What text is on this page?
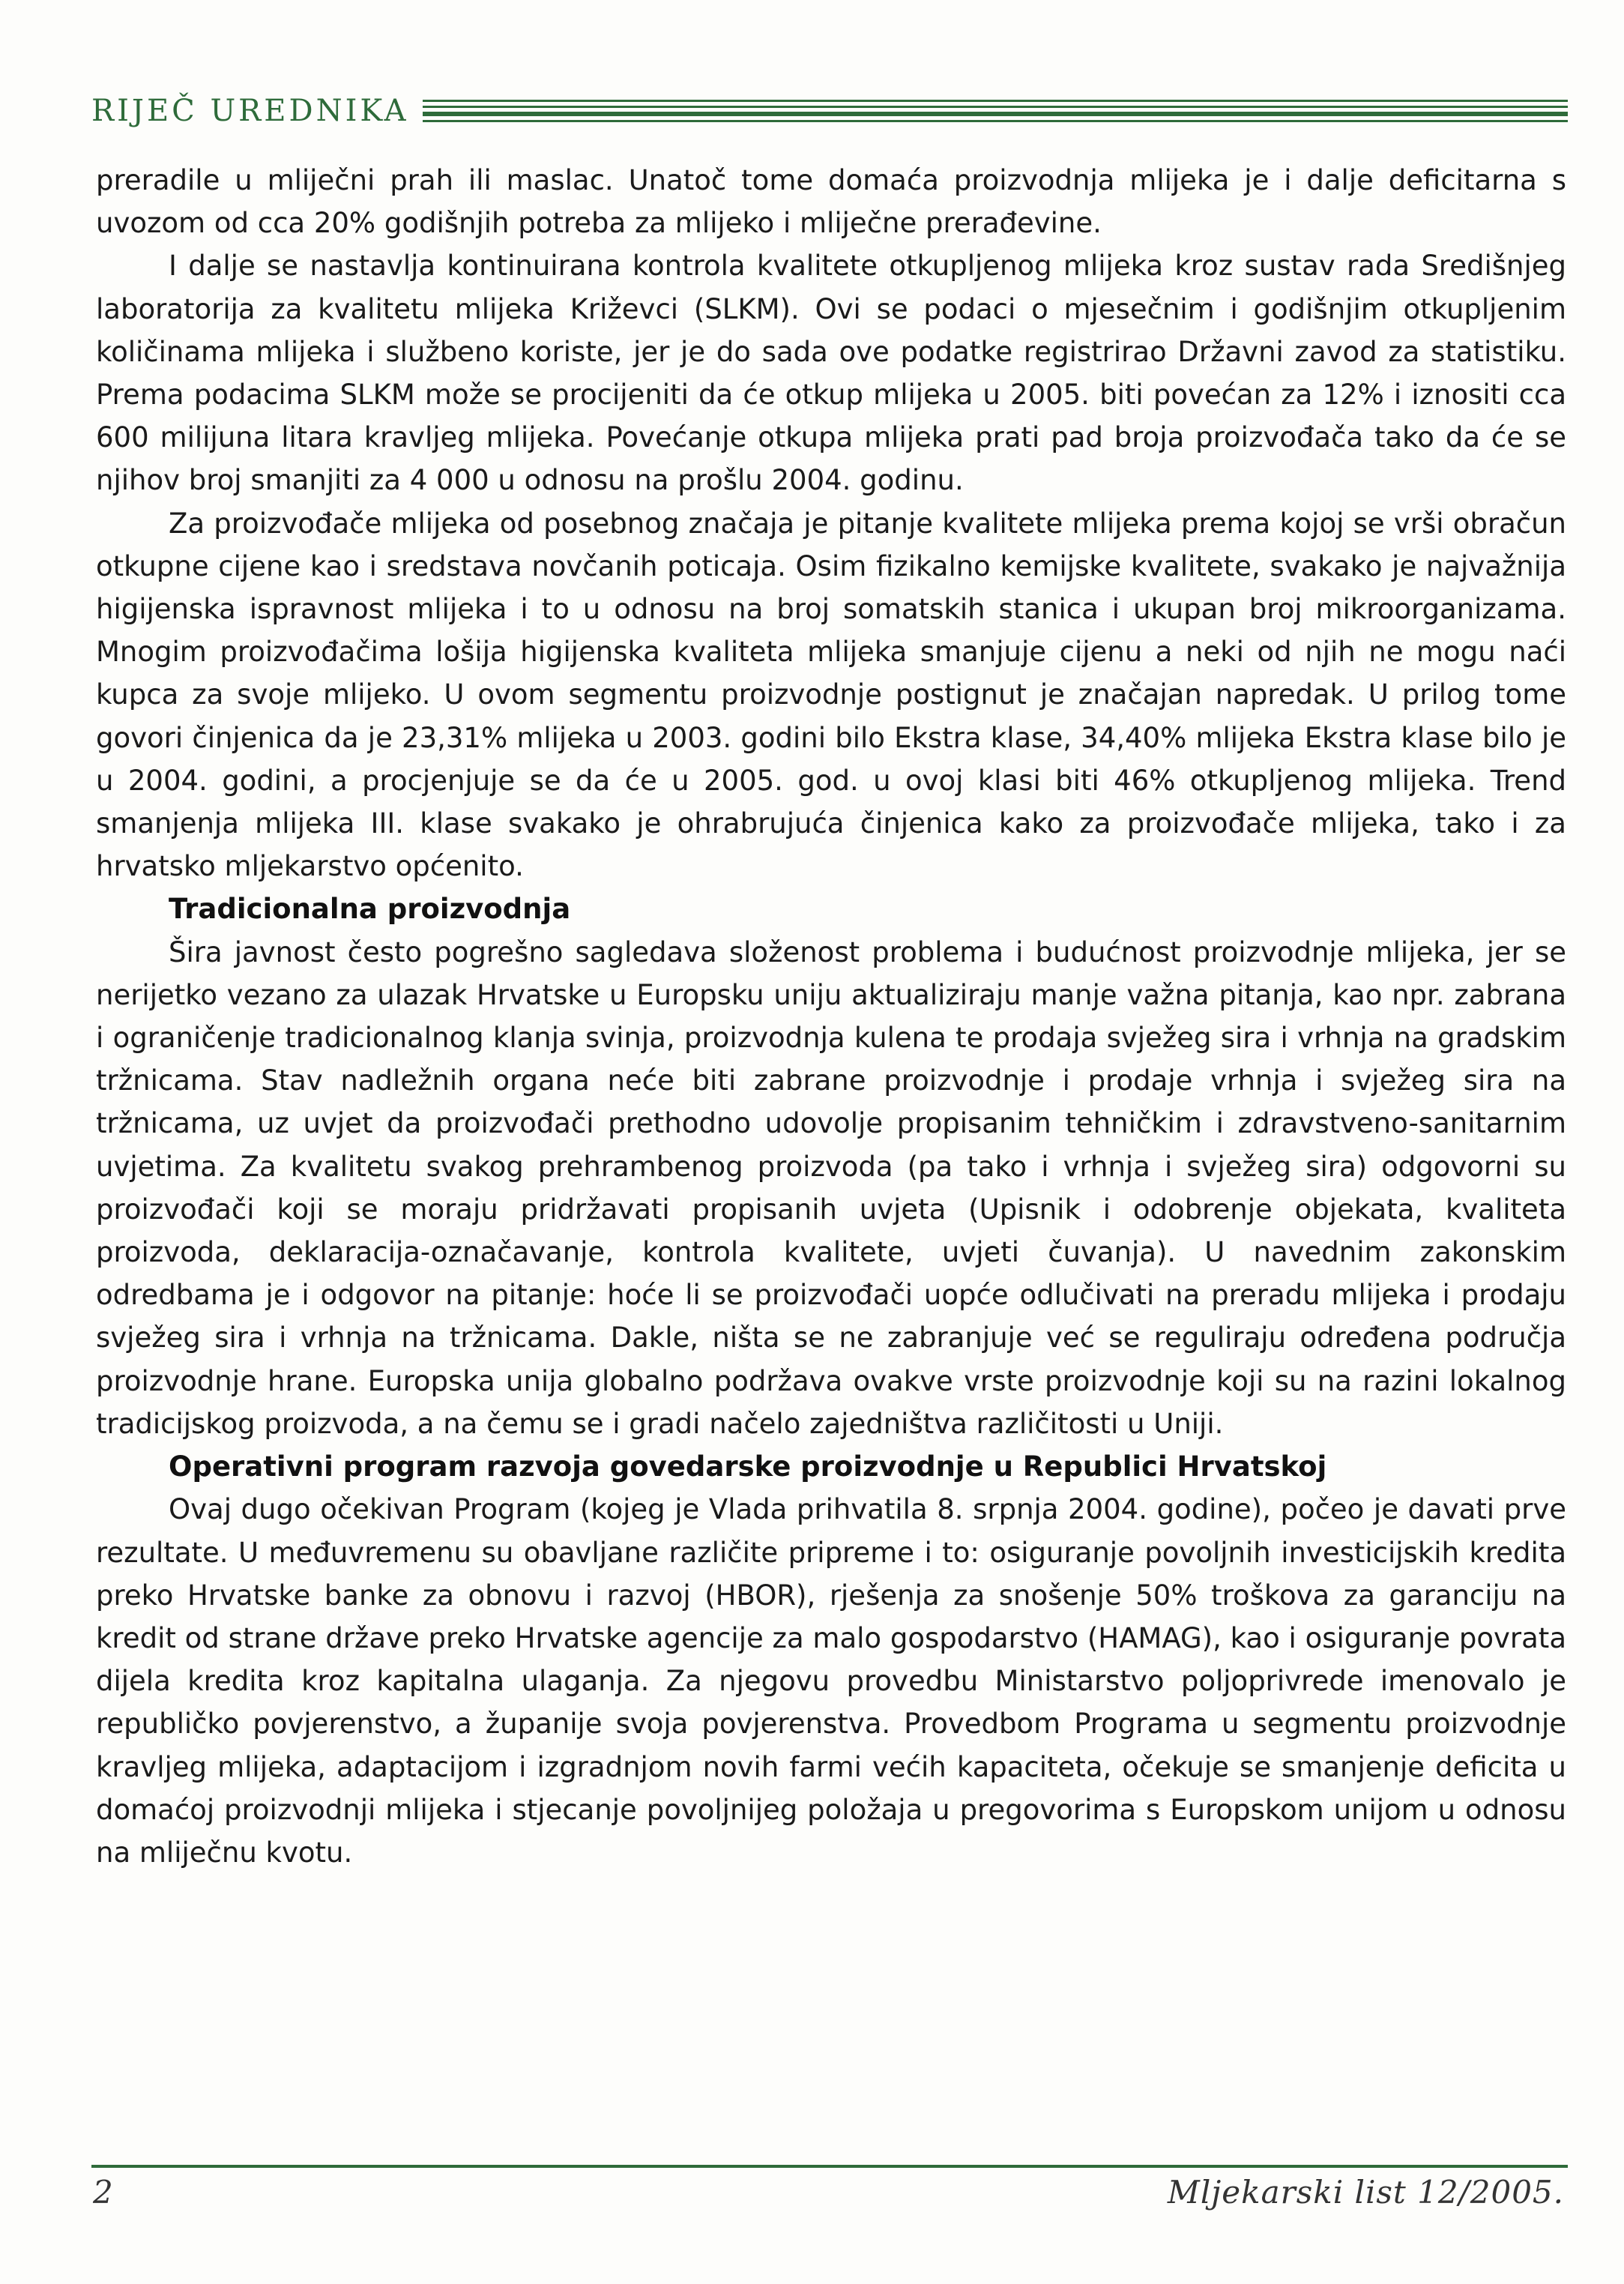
RIJEČ UREDNIKA

preradile u mliječni prah ili maslac. Unatoč tome domaća proizvodnja mlijeka je i dalje deficitarna s uvozom od cca 20% godišnjih potreba za mlijeko i mliječne prerađevine.

I dalje se nastavlja kontinuirana kontrola kvalitete otkupljenog mlijeka kroz sustav rada Središnjeg laboratorija za kvalitetu mlijeka Križevci (SLKM). Ovi se podaci o mjesečnim i godišnjim otkupljenim količinama mlijeka i službeno koriste, jer je do sada ove podatke registrirao Državni zavod za statistiku. Prema podacima SLKM može se procijeniti da će otkup mlijeka u 2005. biti povećan za 12% i iznositi cca 600 milijuna litara kravljeg mlijeka. Povećanje otkupa mlijeka prati pad broja proizvođača tako da će se njihov broj smanjiti za 4 000 u odnosu na prošlu 2004. godinu.

Za proizvođače mlijeka od posebnog značaja je pitanje kvalitete mlijeka prema kojoj se vrši obračun otkupne cijene kao i sredstava novčanih poticaja. Osim fizikalno kemijske kvalitete, svakako je najvažnija higijenska ispravnost mlijeka i to u odnosu na broj somatskih stanica i ukupan broj mikroorganizama. Mnogim proizvođačima lošija higijenska kvaliteta mlijeka smanjuje cijenu a neki od njih ne mogu naći kupca za svoje mlijeko. U ovom segmentu proizvodnje postignut je značajan napredak. U prilog tome govori činjenica da je 23,31% mlijeka u 2003. godini bilo Ekstra klase, 34,40% mlijeka Ekstra klase bilo je u 2004. godini, a procjenjuje se da će u 2005. god. u ovoj klasi biti 46% otkupljenog mlijeka. Trend smanjenja mlijeka III. klase svakako je ohrabrujuća činjenica kako za proizvođače mlijeka, tako i za hrvatsko mljekarstvo općenito.

Tradicionalna proizvodnja

Šira javnost često pogrešno sagledava složenost problema i budućnost proizvodnje mlijeka, jer se nerijetko vezano za ulazak Hrvatske u Europsku uniju aktualiziraju manje važna pitanja, kao npr. zabrana i ograničenje tradicionalnog klanja svinja, proizvodnja kulena te prodaja svježeg sira i vrhnja na gradskim tržnicama. Stav nadležnih organa neće biti zabrane proizvodnje i prodaje vrhnja i svježeg sira na tržnicama, uz uvjet da proizvođači prethodno udovolje propisanim tehničkim i zdravstveno-sanitarnim uvjetima. Za kvalitetu svakog prehrambenog proizvoda (pa tako i vrhnja i svježeg sira) odgovorni su proizvođači koji se moraju pridržavati propisanih uvjeta (Upisnik i odobrenje objekata, kvaliteta proizvoda, deklaracija-označavanje, kontrola kvalitete, uvjeti čuvanja). U navednim zakonskim odredbama je i odgovor na pitanje: hoće li se proizvođači uopće odlučivati na preradu mlijeka i prodaju svježeg sira i vrhnja na tržnicama. Dakle, ništa se ne zabranjuje već se reguliraju određena područja proizvodnje hrane. Europska unija globalno podržava ovakve vrste proizvodnje koji su na razini lokalnog tradicijskog proizvoda, a na čemu se i gradi načelo zajedništva različitosti u Uniji.

Operativni program razvoja govedarske proizvodnje u Republici Hrvatskoj

Ovaj dugo očekivan Program (kojeg je Vlada prihvatila 8. srpnja 2004. godine), počeo je davati prve rezultate. U međuvremenu su obavljane različite pripreme i to: osiguranje povoljnih investicijskih kredita preko Hrvatske banke za obnovu i razvoj (HBOR), rješenja za snošenje 50% troškova za garanciju na kredit od strane države preko Hrvatske agencije za malo gospodarstvo (HAMAG), kao i osiguranje povrata dijela kredita kroz kapitalna ulaganja. Za njegovu provedbu Ministarstvo poljoprivrede imenovalo je republičko povjerenstvo, a županije svoja povjerenstva. Provedbom Programa u segmentu proizvodnje kravljeg mlijeka, adaptacijom i izgradnjom novih farmi većih kapaciteta, očekuje se smanjenje deficita u domaćoj proizvodnji mlijeka i stjecanje povoljnijeg položaja u pregovorima s Europskom unijom u odnosu na mliječnu kvotu.

2	Mljekarski list 12/2005.
